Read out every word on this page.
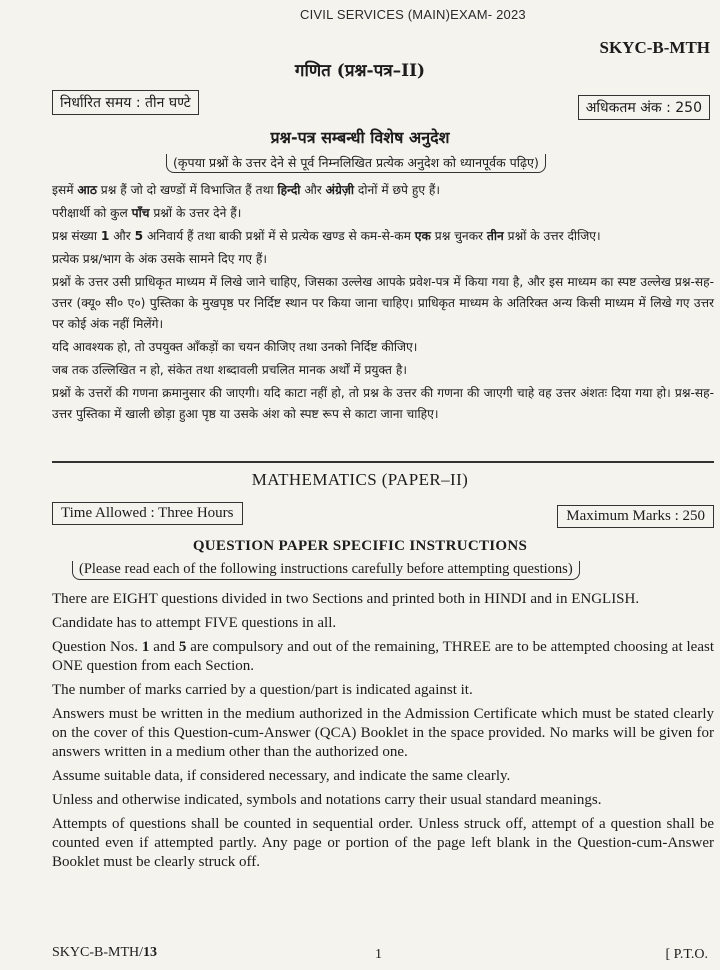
CIVIL SERVICES (MAIN)EXAM- 2023
SKYC-B-MTH
गणित (प्रश्न-पत्र–II)
निर्धारित समय : तीन घण्टे	अधिकतम अंक : 250
प्रश्न-पत्र सम्बन्धी विशेष अनुदेश
(कृपया प्रश्नों के उत्तर देने से पूर्व निम्नलिखित प्रत्येक अनुदेश को ध्यानपूर्वक पढ़िए)

इसमें आठ प्रश्न हैं जो दो खण्डों में विभाजित हैं तथा हिन्दी और अंग्रेज़ी दोनों में छपे हुए हैं।

परीक्षार्थी को कुल पाँच प्रश्नों के उत्तर देने हैं।

प्रश्न संख्या 1 और 5 अनिवार्य हैं तथा बाकी प्रश्नों में से प्रत्येक खण्ड से कम-से-कम एक प्रश्न चुनकर तीन प्रश्नों के उत्तर दीजिए।

प्रत्येक प्रश्न/भाग के अंक उसके सामने दिए गए हैं।

प्रश्नों के उत्तर उसी प्राधिकृत माध्यम में लिखे जाने चाहिए, जिसका उल्लेख आपके प्रवेश-पत्र में किया गया है, और इस माध्यम का स्पष्ट उल्लेख प्रश्न-सह-उत्तर (क्यू० सी० ए०) पुस्तिका के मुखपृष्ठ पर निर्दिष्ट स्थान पर किया जाना चाहिए। प्राधिकृत माध्यम के अतिरिक्त अन्य किसी माध्यम में लिखे गए उत्तर पर कोई अंक नहीं मिलेंगे।

यदि आवश्यक हो, तो उपयुक्त आँकड़ों का चयन कीजिए तथा उनको निर्दिष्ट कीजिए।

जब तक उल्लिखित न हो, संकेत तथा शब्दावली प्रचलित मानक अर्थों में प्रयुक्त है।

प्रश्नों के उत्तरों की गणना क्रमानुसार की जाएगी। यदि काटा नहीं हो, तो प्रश्न के उत्तर की गणना की जाएगी चाहे वह उत्तर अंशतः दिया गया हो। प्रश्न-सह-उत्तर पुस्तिका में खाली छोड़ा हुआ पृष्ठ या उसके अंश को स्पष्ट रूप से काटा जाना चाहिए।

MATHEMATICS (PAPER–II)
Time Allowed : Three Hours	Maximum Marks : 250
QUESTION PAPER SPECIFIC INSTRUCTIONS
(Please read each of the following instructions carefully before attempting questions)

There are EIGHT questions divided in two Sections and printed both in HINDI and in ENGLISH.

Candidate has to attempt FIVE questions in all.

Question Nos. 1 and 5 are compulsory and out of the remaining, THREE are to be attempted choosing at least ONE question from each Section.

The number of marks carried by a question/part is indicated against it.

Answers must be written in the medium authorized in the Admission Certificate which must be stated clearly on the cover of this Question-cum-Answer (QCA) Booklet in the space provided. No marks will be given for answers written in a medium other than the authorized one.

Assume suitable data, if considered necessary, and indicate the same clearly.

Unless and otherwise indicated, symbols and notations carry their usual standard meanings.

Attempts of questions shall be counted in sequential order. Unless struck off, attempt of a question shall be counted even if attempted partly. Any page or portion of the page left blank in the Question-cum-Answer Booklet must be clearly struck off.

SKYC-B-MTH/13	1	[ P.T.O.
